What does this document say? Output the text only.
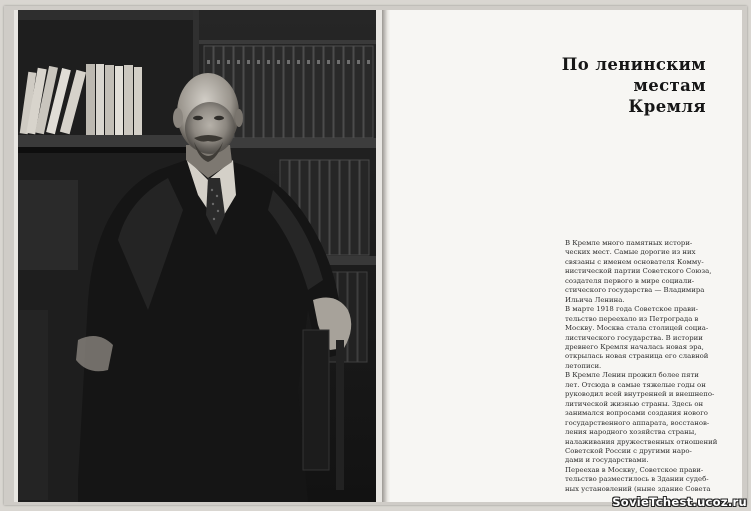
По ленинским
местам
Кремля
В Кремле много памятных истори-
ческих мест. Самые дорогие из них
связаны с именем основателя Комму-
нистической партии Советского Союза,
создателя первого в мире социали-
стического государства — Владимира
Ильича Ленина.
В марте 1918 года Советское прави-
тельство переехало из Петрограда в
Москву. Москва стала столицей социа-
листического государства. В истории
древнего Кремля началась новая эра,
открылась новая страница его славной
летописи.
В Кремле Ленин прожил более пяти
лет. Отсюда в самые тяжелые годы он
руководил всей внутренней и внешнепо-
литической жизнью страны. Здесь он
занимался вопросами создания нового
государственного аппарата, восстанов-
ления народного хозяйства страны,
налаживания дружественных отношений
Советской России с другими наро-
дами и государствами.
Переехав в Москву, Советское прави-
тельство разместилось в Здании судеб-
ных установлений (ныне здание Совета
SovieTchest.ucoz.ru
